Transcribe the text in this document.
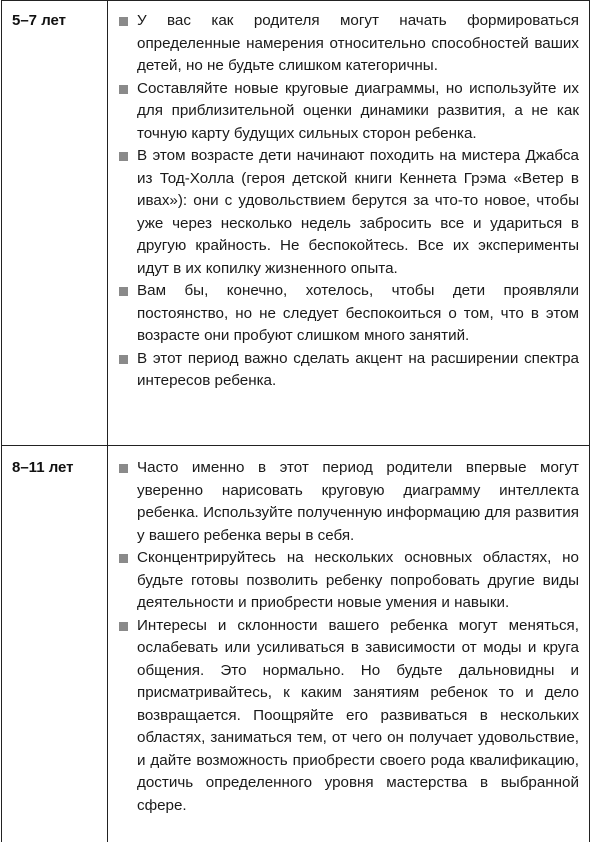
5–7 лет	У вас как родителя могут начать формироваться определенные намерения относительно способностей ваших детей, но не будьте слишком категоричны.
Составляйте новые круговые диаграммы, но используйте их для приблизительной оценки динамики развития, а не как точную карту будущих сильных сторон ребенка.
В этом возрасте дети начинают походить на мистера Джабса из Тод-Холла (героя детской книги Кеннета Грэма «Ветер в ивах»): они с удовольствием берутся за что-то новое, чтобы уже через несколько недель забросить все и удариться в другую крайность. Не беспокойтесь. Все их эксперименты идут в их копилку жизненного опыта.
Вам бы, конечно, хотелось, чтобы дети проявляли постоянство, но не следует беспокоиться о том, что в этом возрасте они пробуют слишком много занятий.
В этот период важно сделать акцент на расширении спектра интересов ребенка.
8–11 лет	Часто именно в этот период родители впервые могут уверенно нарисовать круговую диаграмму интеллекта ребенка. Используйте полученную информацию для развития у вашего ребенка веры в себя.
Сконцентрируйтесь на нескольких основных областях, но будьте готовы позволить ребенку попробовать другие виды деятельности и приобрести новые умения и навыки.
Интересы и склонности вашего ребенка могут меняться, ослабевать или усиливаться в зависимости от моды и круга общения. Это нормально. Но будьте дальновидны и присматривайтесь, к каким занятиям ребенок то и дело возвращается. Поощряйте его развиваться в нескольких областях, заниматься тем, от чего он получает удовольствие, и дайте возможность приобрести своего рода квалификацию, достичь определенного уровня мастерства в выбранной сфере.
